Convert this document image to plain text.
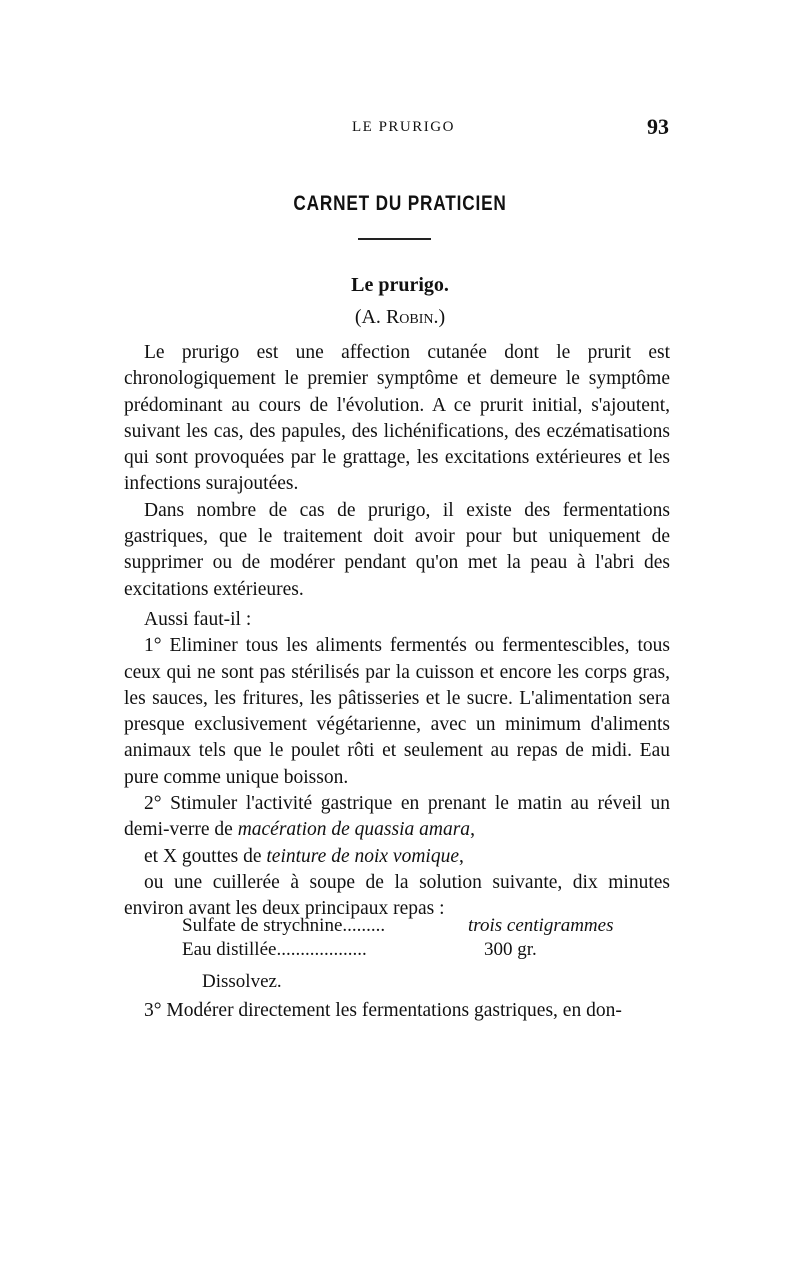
LE PRURIGO	93
CARNET DU PRATICIEN
Le prurigo.
(A. Robin.)

Le prurigo est une affection cutanée dont le prurit est chronologiquement le premier symptôme et demeure le symptôme prédominant au cours de l'évolution. A ce prurit initial, s'ajoutent, suivant les cas, des papules, des lichénifications, des eczématisations qui sont provoquées par le grattage, les excitations extérieures et les infections surajoutées.

Dans nombre de cas de prurigo, il existe des fermentations gastriques, que le traitement doit avoir pour but uniquement de supprimer ou de modérer pendant qu'on met la peau à l'abri des excitations extérieures.

Aussi faut-il :

1° Eliminer tous les aliments fermentés ou fermentescibles, tous ceux qui ne sont pas stérilisés par la cuisson et encore les corps gras, les sauces, les fritures, les pâtisseries et le sucre. L'alimentation sera presque exclusivement végétarienne, avec un minimum d'aliments animaux tels que le poulet rôti et seulement au repas de midi. Eau pure comme unique boisson.

2° Stimuler l'activité gastrique en prenant le matin au réveil un demi-verre de macération de quassia amara,

et X gouttes de teinture de noix vomique,

ou une cuillerée à soupe de la solution suivante, dix minutes environ avant les deux principaux repas :

Sulfate de strychnine.........	trois centigrammes
Eau distillée...................	300 gr.
Dissolvez.
3° Modérer directement les fermentations gastriques, en don-
